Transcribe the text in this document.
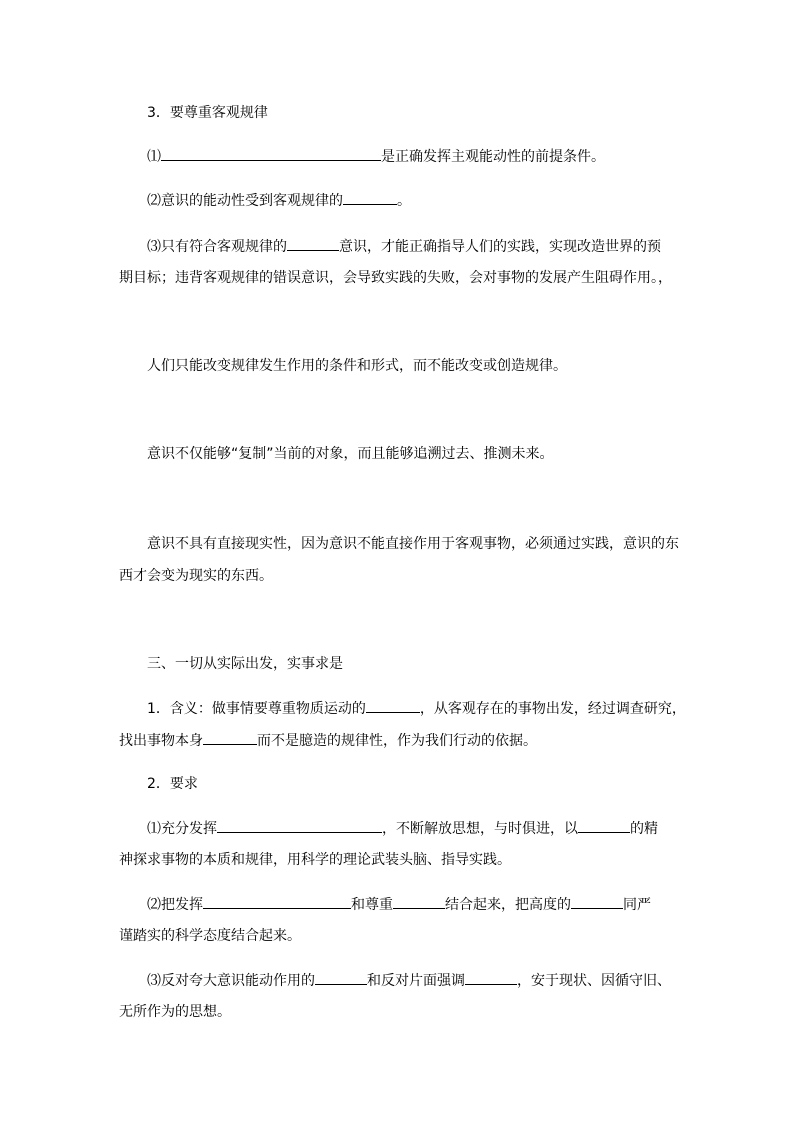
3．要尊重客观规律

⑴	是正确发挥主观能动性的前提条件。

⑵意识的能动性受到客观规律的	。

⑶只有符合客观规律的	意识，才能正确指导人们的实践，实现改造世界的预

期目标；违背客观规律的错误意识，会导致实践的失败，会对事物的发展产生阻碍作用。，

人们只能改变规律发生作用的条件和形式，而不能改变或创造规律。

意识不仅能够“复制”当前的对象，而且能够追溯过去、推测未来。

意识不具有直接现实性，因为意识不能直接作用于客观事物，必须通过实践，意识的东

西才会变为现实的东西。

三、一切从实际出发，实事求是

1．含义：做事情要尊重物质运动的	，从客观存在的事物出发，经过调查研究，

找出事物本身	而不是臆造的规律性，作为我们行动的依据。

2．要求

⑴充分发挥	，不断解放思想，与时俱进，以	的精

神探求事物的本质和规律，用科学的理论武装头脑、指导实践。

⑵把发挥	和尊重	结合起来，把高度的	同严

谨踏实的科学态度结合起来。

⑶反对夸大意识能动作用的	和反对片面强调	，安于现状、因循守旧、

无所作为的思想。
